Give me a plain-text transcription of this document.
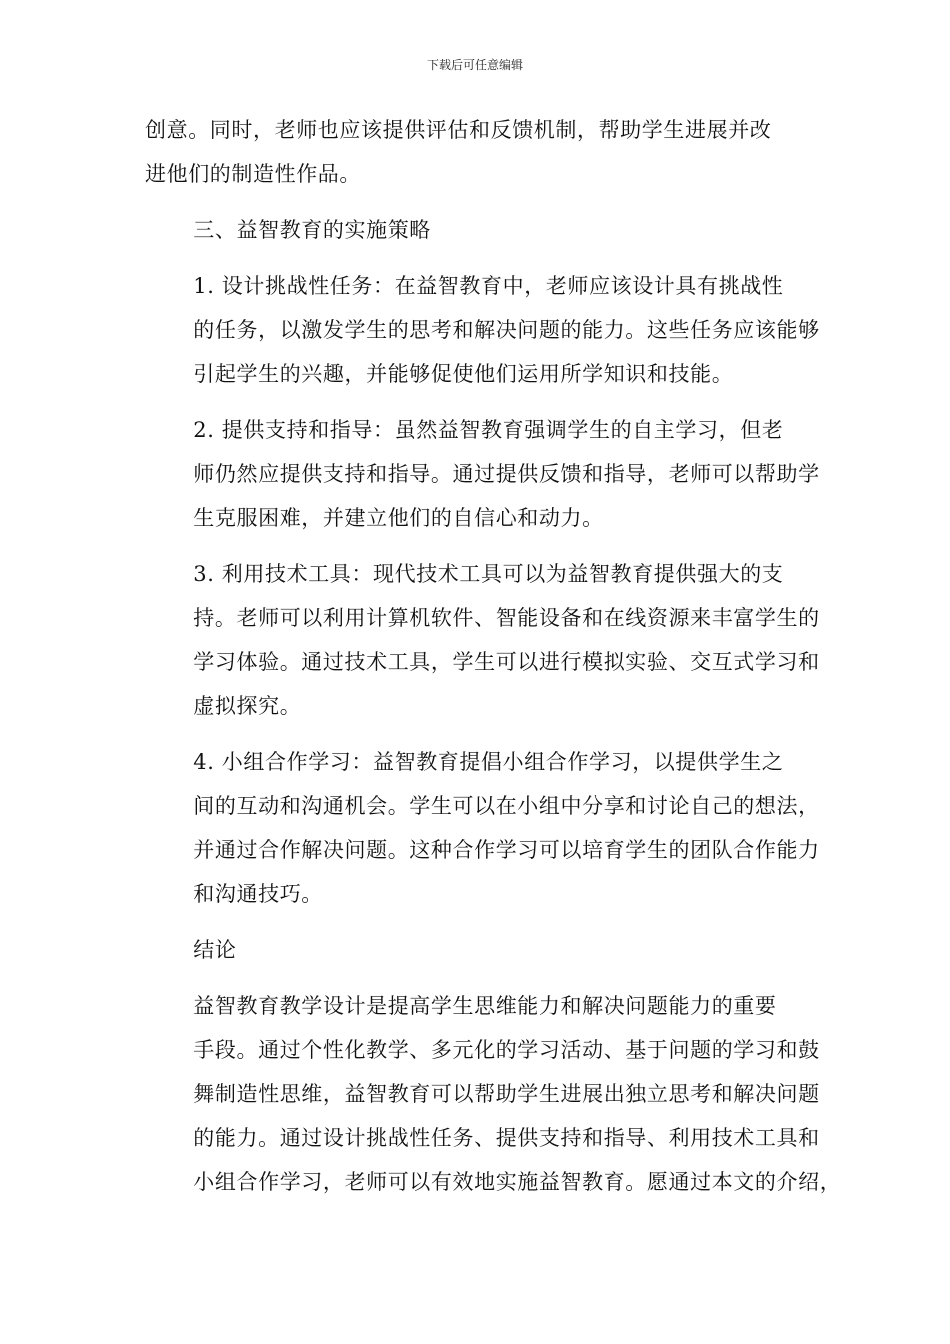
下载后可任意编辑

创意。同时，老师也应该提供评估和反馈机制，帮助学生进展并改
进他们的制造性作品。

三、益智教育的实施策略

1. 设计挑战性任务：在益智教育中，老师应该设计具有挑战性
的任务，以激发学生的思考和解决问题的能力。这些任务应该能够
引起学生的兴趣，并能够促使他们运用所学知识和技能。

2. 提供支持和指导：虽然益智教育强调学生的自主学习，但老
师仍然应提供支持和指导。通过提供反馈和指导，老师可以帮助学
生克服困难，并建立他们的自信心和动力。

3. 利用技术工具：现代技术工具可以为益智教育提供强大的支
持。老师可以利用计算机软件、智能设备和在线资源来丰富学生的
学习体验。通过技术工具，学生可以进行模拟实验、交互式学习和
虚拟探究。

4. 小组合作学习：益智教育提倡小组合作学习，以提供学生之
间的互动和沟通机会。学生可以在小组中分享和讨论自己的想法，
并通过合作解决问题。这种合作学习可以培育学生的团队合作能力
和沟通技巧。

结论

益智教育教学设计是提高学生思维能力和解决问题能力的重要
手段。通过个性化教学、多元化的学习活动、基于问题的学习和鼓
舞制造性思维，益智教育可以帮助学生进展出独立思考和解决问题
的能力。通过设计挑战性任务、提供支持和指导、利用技术工具和
小组合作学习，老师可以有效地实施益智教育。愿通过本文的介绍，
